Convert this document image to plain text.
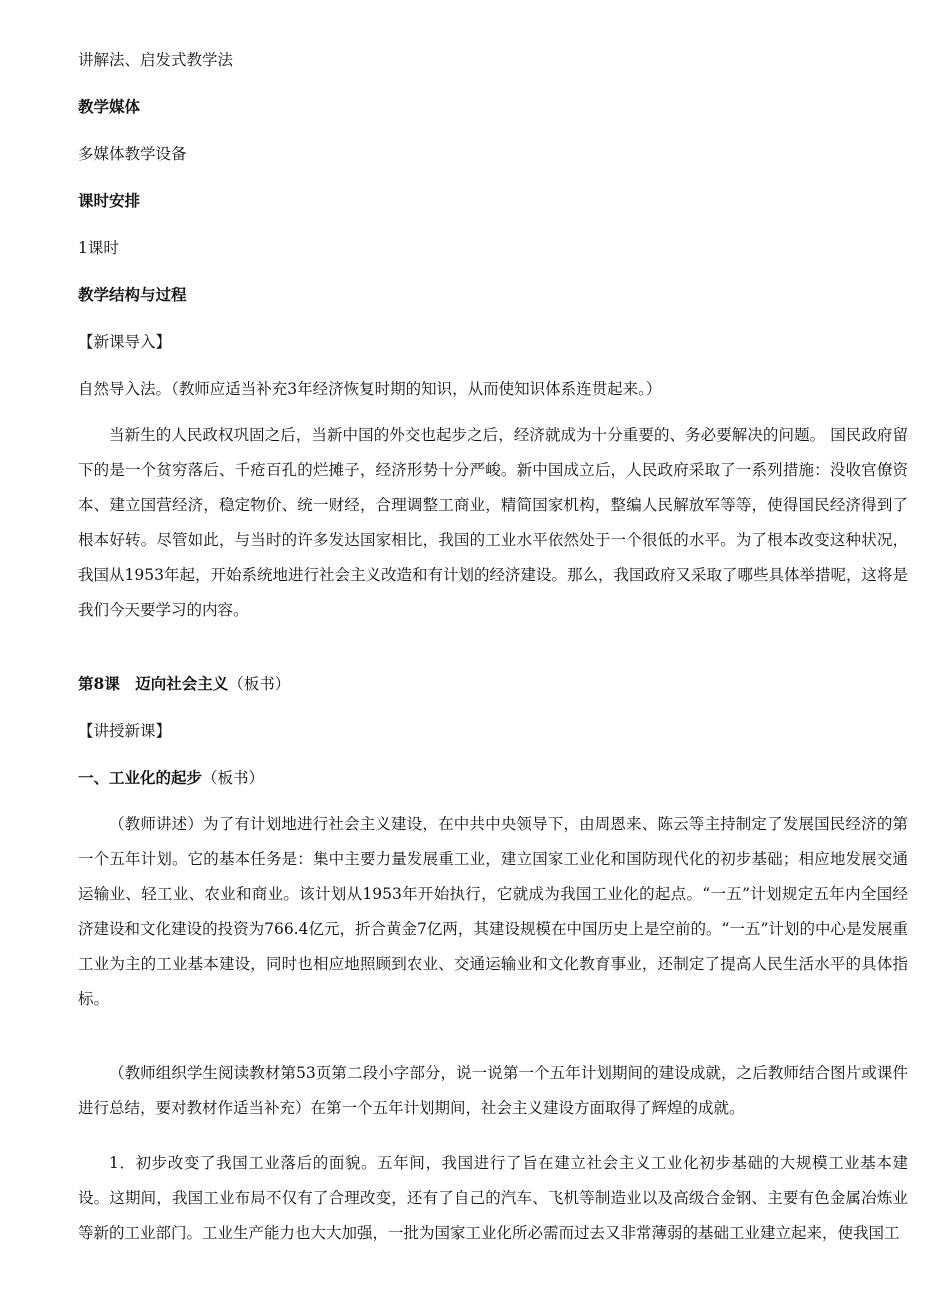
讲解法、启发式教学法
教学媒体
多媒体教学设备
课时安排
1课时
教学结构与过程
【新课导入】
自然导入法。（教师应适当补充3年经济恢复时期的知识，从而使知识体系连贯起来。）

当新生的人民政权巩固之后，当新中国的外交也起步之后，经济就成为十分重要的、务必要解决的问题。 国民政府留下的是一个贫穷落后、千疮百孔的烂摊子，经济形势十分严峻。新中国成立后，人民政府采取了一系列措施：没收官僚资本、建立国营经济，稳定物价、统一财经，合理调整工商业，精简国家机构，整编人民解放军等等，使得国民经济得到了根本好转。尽管如此，与当时的许多发达国家相比，我国的工业水平依然处于一个很低的水平。为了根本改变这种状况，我国从1953年起，开始系统地进行社会主义改造和有计划的经济建设。那么，我国政府又采取了哪些具体举措呢，这将是我们今天要学习的内容。

第8课　迈向社会主义（板书）
【讲授新课】
一、工业化的起步（板书）

（教师讲述）为了有计划地进行社会主义建设，在中共中央领导下，由周恩来、陈云等主持制定了发展国民经济的第一个五年计划。它的基本任务是：集中主要力量发展重工业，建立国家工业化和国防现代化的初步基础；相应地发展交通运输业、轻工业、农业和商业。该计划从1953年开始执行，它就成为我国工业化的起点。“一五”计划规定五年内全国经济建设和文化建设的投资为766.4亿元，折合黄金7亿两，其建设规模在中国历史上是空前的。“一五”计划的中心是发展重工业为主的工业基本建设，同时也相应地照顾到农业、交通运输业和文化教育事业，还制定了提高人民生活水平的具体指标。

（教师组织学生阅读教材第53页第二段小字部分，说一说第一个五年计划期间的建设成就，之后教师结合图片或课件进行总结，要对教材作适当补充）在第一个五年计划期间，社会主义建设方面取得了辉煌的成就。

1．初步改变了我国工业落后的面貌。五年间，我国进行了旨在建立社会主义工业化初步基础的大规模工业基本建设。这期间，我国工业布局不仅有了合理改变，还有了自己的汽车、飞机等制造业以及高级合金钢、主要有色金属冶炼业等新的工业部门。工业生产能力也大大加强，一批为国家工业化所必需而过去又非常薄弱的基础工业建立起来，使我国工
